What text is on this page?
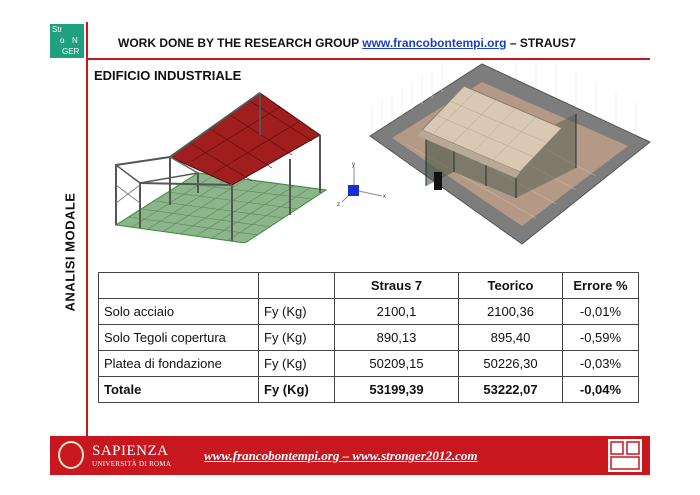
Str
o N
GER
WORK DONE BY THE RESEARCH GROUP www.francobontempi.org – STRAUS7
EDIFICIO INDUSTRIALE
ANALISI MODALE
y
x
z
		Straus 7	Teorico	Errore %
Solo acciaio	Fy (Kg)	2100,1	2100,36	-0,01%
Solo Tegoli copertura	Fy (Kg)	890,13	895,40	-0,59%
Platea di fondazione	Fy (Kg)	50209,15	50226,30	-0,03%
Totale	Fy (Kg)	53199,39	53222,07	-0,04%
SAPIENZA
UNIVERSITÀ DI ROMA
www.francobontempi.org – www.stronger2012.com
